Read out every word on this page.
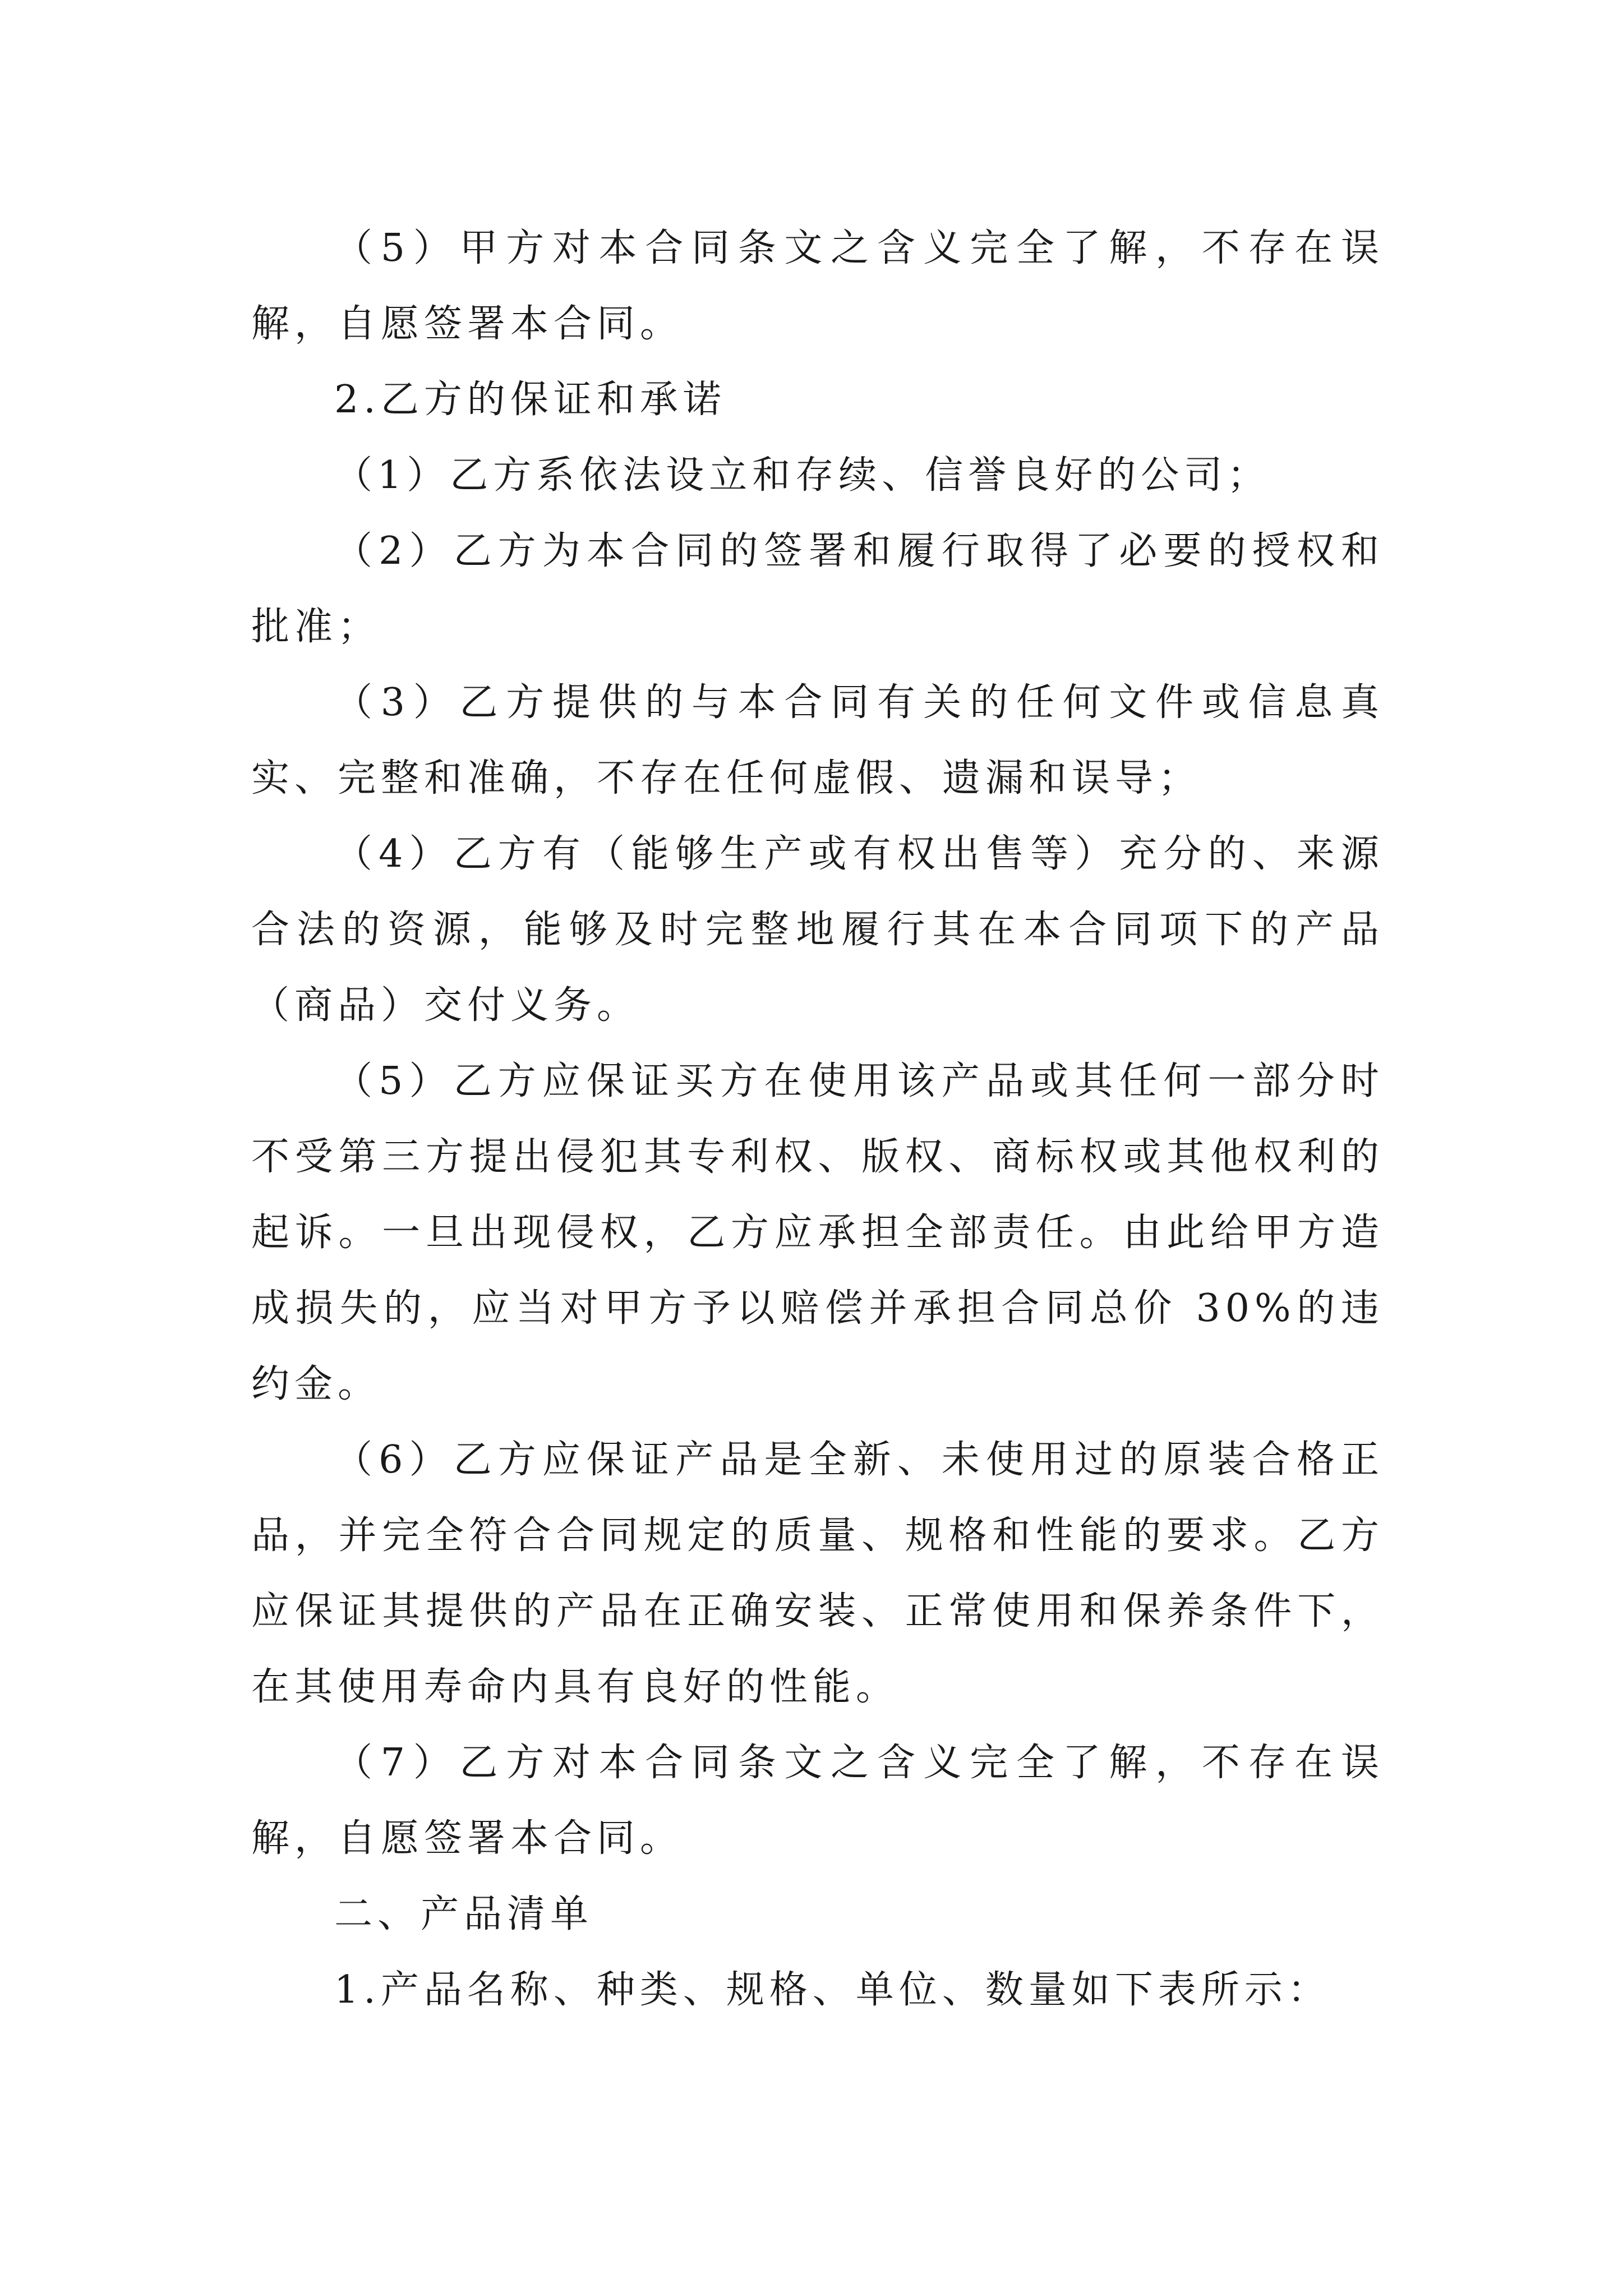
（5）甲方对本合同条文之含义完全了解，不存在误解，自愿签署本合同。

2.乙方的保证和承诺

（1）乙方系依法设立和存续、信誉良好的公司；

（2）乙方为本合同的签署和履行取得了必要的授权和批准；

（3）乙方提供的与本合同有关的任何文件或信息真实、完整和准确，不存在任何虚假、遗漏和误导；

（4）乙方有（能够生产或有权出售等）充分的、来源合法的资源，能够及时完整地履行其在本合同项下的产品（商品）交付义务。

（5）乙方应保证买方在使用该产品或其任何一部分时不受第三方提出侵犯其专利权、版权、商标权或其他权利的起诉。一旦出现侵权，乙方应承担全部责任。由此给甲方造成损失的，应当对甲方予以赔偿并承担合同总价 30%的违约金。

（6）乙方应保证产品是全新、未使用过的原装合格正品，并完全符合合同规定的质量、规格和性能的要求。乙方应保证其提供的产品在正确安装、正常使用和保养条件下，在其使用寿命内具有良好的性能。

（7）乙方对本合同条文之含义完全了解，不存在误解，自愿签署本合同。

二、产品清单

1.产品名称、种类、规格、单位、数量如下表所示：
